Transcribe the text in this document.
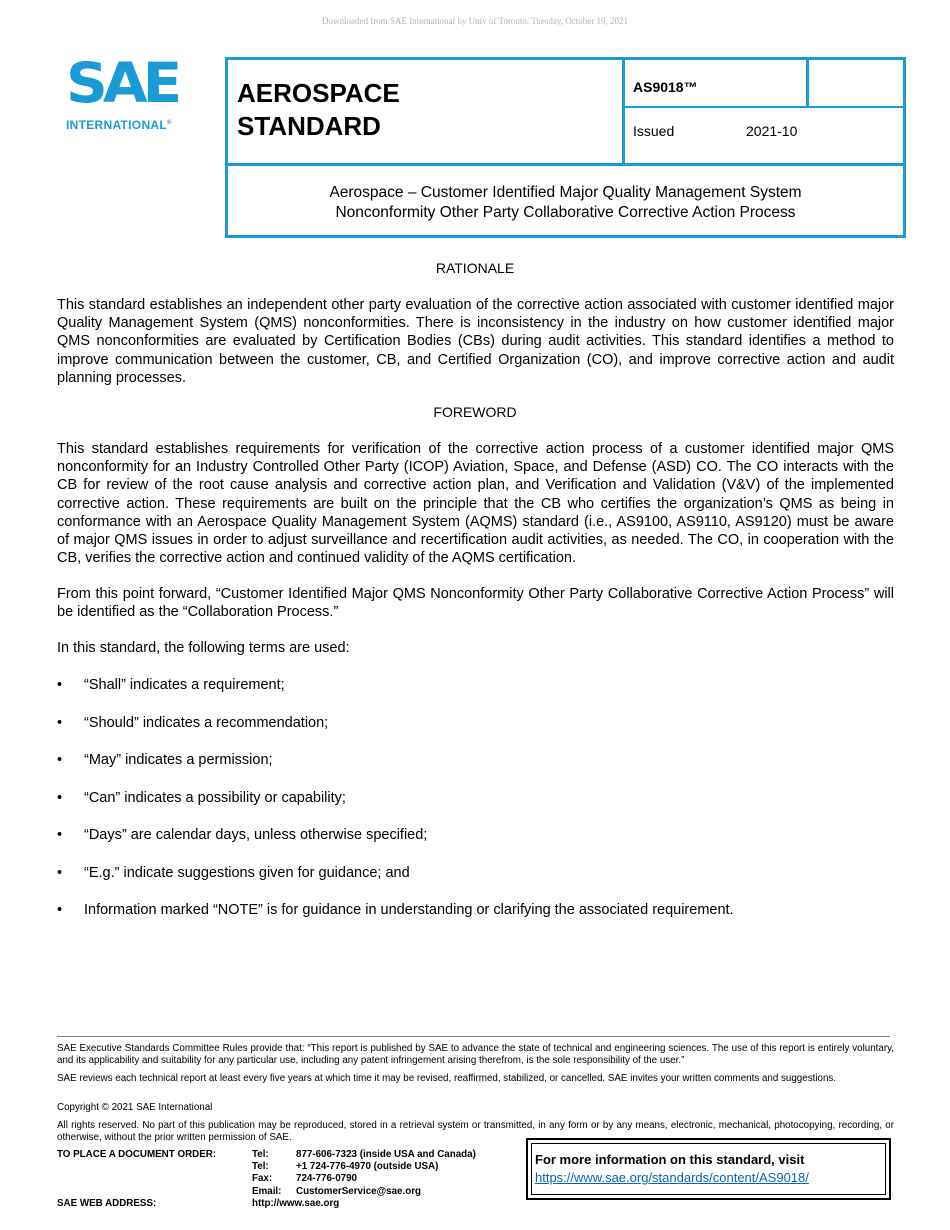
Downloaded from SAE International by Univ of Toronto, Tuesday, October 19, 2021
SAE
INTERNATIONAL®
AEROSPACE
STANDARD
AS9018™
Issued	2021-10
Aerospace – Customer Identified Major Quality Management System
Nonconformity Other Party Collaborative Corrective Action Process
RATIONALE

This standard establishes an independent other party evaluation of the corrective action associated with customer identified major Quality Management System (QMS) nonconformities. There is inconsistency in the industry on how customer identified major QMS nonconformities are evaluated by Certification Bodies (CBs) during audit activities. This standard identifies a method to improve communication between the customer, CB, and Certified Organization (CO), and improve corrective action and audit planning processes.

FOREWORD

This standard establishes requirements for verification of the corrective action process of a customer identified major QMS nonconformity for an Industry Controlled Other Party (ICOP) Aviation, Space, and Defense (ASD) CO. The CO interacts with the CB for review of the root cause analysis and corrective action plan, and Verification and Validation (V&V) of the implemented corrective action. These requirements are built on the principle that the CB who certifies the organization’s QMS as being in conformance with an Aerospace Quality Management System (AQMS) standard (i.e., AS9100, AS9110, AS9120) must be aware of major QMS issues in order to adjust surveillance and recertification audit activities, as needed. The CO, in cooperation with the CB, verifies the corrective action and continued validity of the AQMS certification.

From this point forward, “Customer Identified Major QMS Nonconformity Other Party Collaborative Corrective Action Process” will be identified as the “Collaboration Process.”

In this standard, the following terms are used:

• “Shall” indicates a requirement;
• “Should” indicates a recommendation;
• “May” indicates a permission;
• “Can” indicates a possibility or capability;
• “Days” are calendar days, unless otherwise specified;
• “E.g.” indicate suggestions given for guidance; and
• Information marked “NOTE” is for guidance in understanding or clarifying the associated requirement.

SAE Executive Standards Committee Rules provide that: “This report is published by SAE to advance the state of technical and engineering sciences. The use of this report is entirely voluntary, and its applicability and suitability for any particular use, including any patent infringement arising therefrom, is the sole responsibility of the user.”

SAE reviews each technical report at least every five years at which time it may be revised, reaffirmed, stabilized, or cancelled. SAE invites your written comments and suggestions.

Copyright © 2021 SAE International

All rights reserved. No part of this publication may be reproduced, stored in a retrieval system or transmitted, in any form or by any means, electronic, mechanical, photocopying, recording, or otherwise, without the prior written permission of SAE.

TO PLACE A DOCUMENT ORDER:	Tel:	877-606-7323 (inside USA and Canada)
Tel:	+1 724-776-4970 (outside USA)
Fax: 724-776-0790
Email: CustomerService@sae.org
SAE WEB ADDRESS:	http://www.sae.org
For more information on this standard, visit
https://www.sae.org/standards/content/AS9018/
